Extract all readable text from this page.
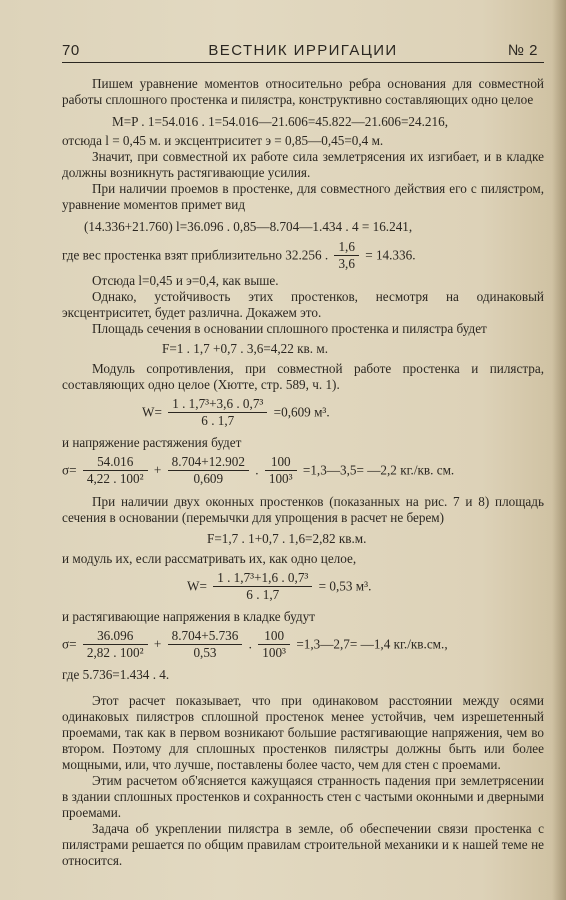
70	ВЕСТНИК ИРРИГАЦИИ	№ 2

Пишем уравнение моментов относительно ребра основания для совместной работы сплошного простенка и пилястра, конструктивно составляющих одно целое

M=P . 1=54.016 . 1=54.016—21.606=45.822—21.606=24.216,

отсюда l = 0,45 м. и эксцентриситет э = 0,85—0,45=0,4 м.

Значит, при совместной их работе сила землетрясения их изгибает, и в кладке должны возникнуть растягивающие усилия.

При наличии проемов в простенке, для совместного действия его с пилястром, уравнение моментов примет вид

(14.336+21.760) l=36.096 . 0,85—8.704—1.434 . 4 = 16.241,

где вес простенка взят приблизительно 32.256 . $\frac{1,6}{3,6} = 14.336$.

Отсюда l=0,45 и э=0,4, как выше.

Однако, устойчивость этих простенков, несмотря на одинаковый эксцентриситет, будет различна. Докажем это.

Площадь сечения в основании сплошного простенка и пилястра будет

F=1 . 1,7 +0,7 . 3,6=4,22 кв. м.

Модуль сопротивления, при совместной работе простенка и пилястра, составляющих одно целое (Хютте, стр. 589, ч. 1).

$W= \frac{\text{1 . 1,7³+3,6 . 0,7³}}{6 . 1,7} =0,609$ м³.

и напряжение растяжения будет

$\sigma= \frac{54.016}{\text{4,22 . 100²}} + \frac{8.704+12.902}{0,609}$ . $\frac{100}{\text{100³}}$ =1,3—3,5= —2,2 кг./кв. см.

При наличии двух оконных простенков (показанных на рис. 7 и 8) площадь сечения в основании (перемычки для упрощения в расчет не берем)

F=1,7 . 1+0,7 . 1,6=2,82 кв.м.

и модуль их, если рассматривать их, как одно целое,

$W= \frac{\text{1 . 1,7³+1,6 . 0,7³}}{6 . 1,7} = 0,53$ м³.

и растягивающие напряжения в кладке будут

$\sigma= \frac{36.096}{\text{2,82 . 100²}} + \frac{8.704+5.736}{0,53}$ . $\frac{100}{\text{100³}}$ =1,3—2,7= —1,4 кг./кв.см.,

где 5.736=1.434 . 4.

Этот расчет показывает, что при одинаковом расстоянии между осями одинаковых пилястров сплошной простенок менее устойчив, чем изрешетенный проемами, так как в первом возникают большие растягивающие напряжения, чем во втором. Поэтому для сплошных простенков пилястры должны быть или более мощными, или, что лучше, поставлены более часто, чем для стен с проемами.

Этим расчетом об'ясняется кажущаяся странность падения при землетрясении в здании сплошных простенков и сохранность стен с частыми оконными и дверными проемами.

Задача об укреплении пилястра в земле, об обеспечении связи простенка с пилястрами решается по общим правилам строительной механики и к нашей теме не относится.
